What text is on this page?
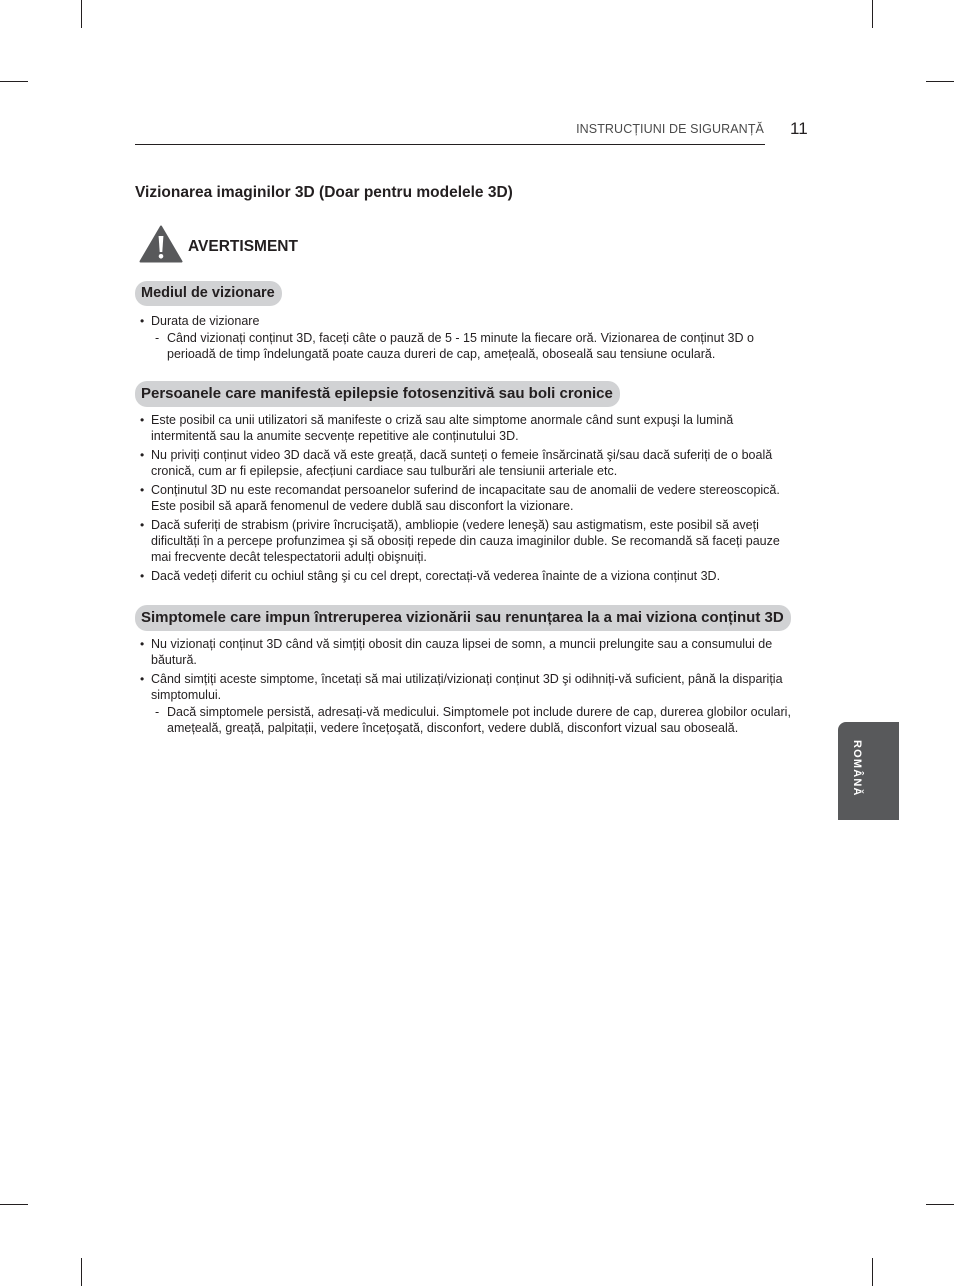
INSTRUCȚIUNI DE SIGURANȚĂ 11
Vizionarea imaginilor 3D (Doar pentru modelele 3D)
AVERTISMENT
Mediul de vizionare
• Durata de vizionare
- Când vizionați conținut 3D, faceți câte o pauză de 5 - 15 minute la fiecare oră. Vizionarea de conținut 3D o perioadă de timp îndelungată poate cauza dureri de cap, amețeală, oboseală sau tensiune oculară.
Persoanele care manifestă epilepsie fotosenzitivă sau boli cronice
• Este posibil ca unii utilizatori să manifeste o criză sau alte simptome anormale când sunt expuşi la lumină intermitentă sau la anumite secvențe repetitive ale conținutului 3D.
• Nu priviți conținut video 3D dacă vă este greață, dacă sunteți o femeie însărcinată şi/sau dacă suferiți de o boală cronică, cum ar fi epilepsie, afecțiuni cardiace sau tulburări ale tensiunii arteriale etc.
• Conținutul 3D nu este recomandat persoanelor suferind de incapacitate sau de anomalii de vedere stereoscopică. Este posibil să apară fenomenul de vedere dublă sau disconfort la vizionare.
• Dacă suferiți de strabism (privire încrucişată), ambliopie (vedere leneşă) sau astigmatism, este posibil să aveți dificultăți în a percepe profunzimea şi să obosiți repede din cauza imaginilor duble. Se recomandă să faceți pauze mai frecvente decât telespectatorii adulți obişnuiți.
• Dacă vedeți diferit cu ochiul stâng şi cu cel drept, corectați-vă vederea înainte de a viziona conținut 3D.
Simptomele care impun întreruperea vizionării sau renunțarea la a mai viziona conținut 3D
• Nu vizionați conținut 3D când vă simțiți obosit din cauza lipsei de somn, a muncii prelungite sau a consumului de băutură.
• Când simțiți aceste simptome, încetați să mai utilizați/vizionați conținut 3D şi odihniți-vă suficient, până la dispariția simptomului.
- Dacă simptomele persistă, adresați-vă medicului. Simptomele pot include durere de cap, durerea globilor oculari, amețeală, greață, palpitații, vedere încețoşată, disconfort, vedere dublă, disconfort vizual sau oboseală.
ROMÂNĂ
